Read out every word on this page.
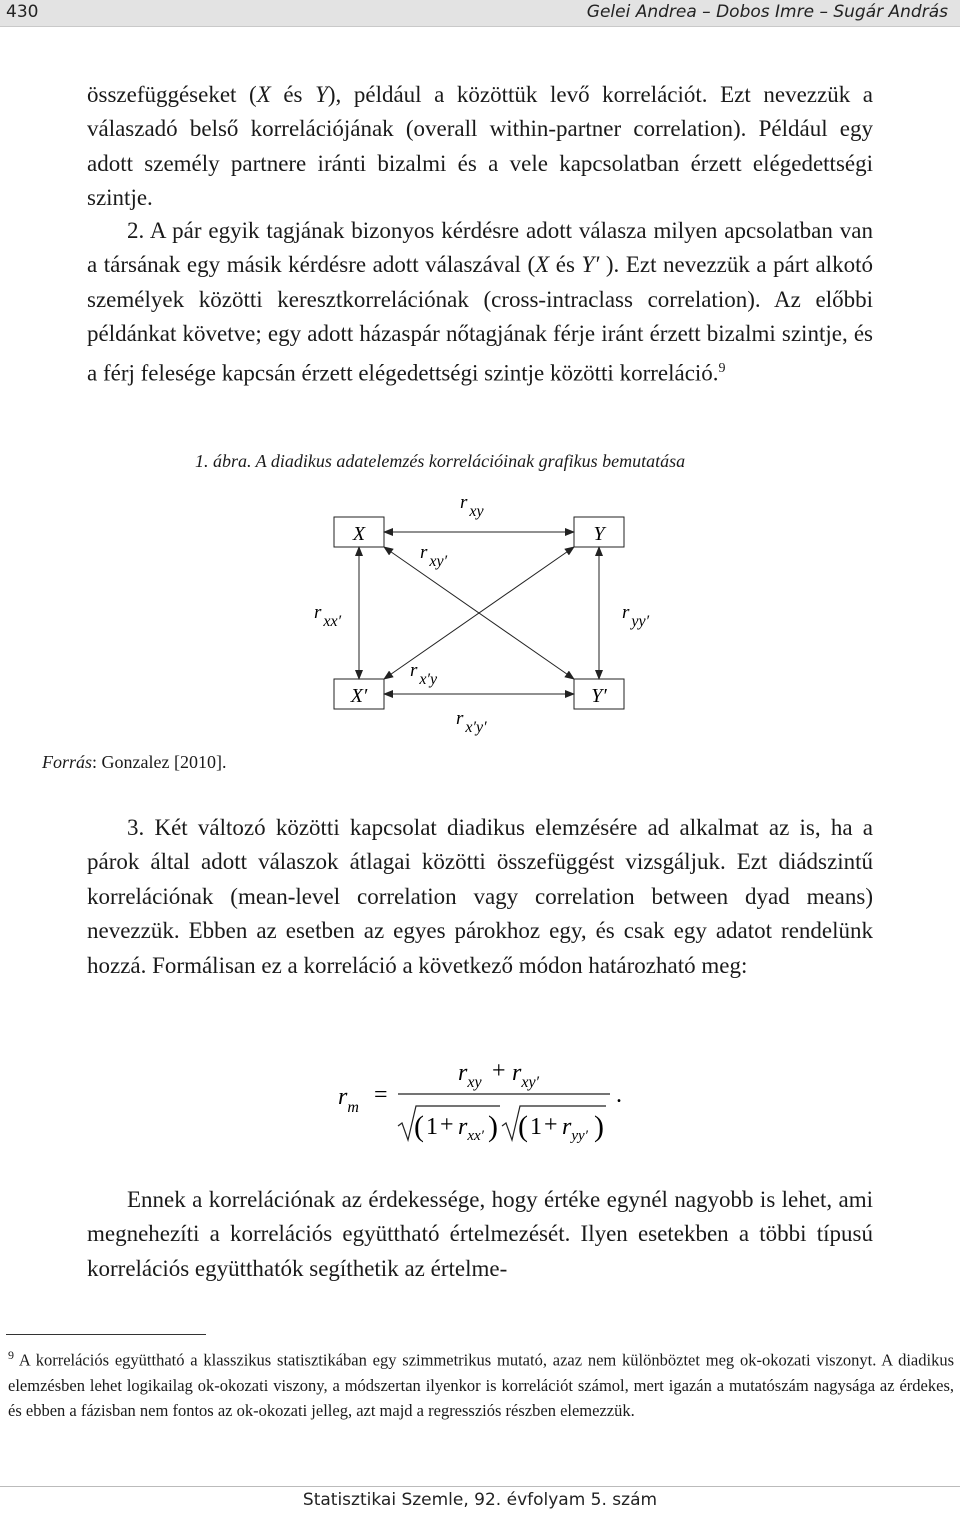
430	Gelei Andrea – Dobos Imre – Sugár András

összefüggéseket (X és Y), például a közöttük levő korrelációt. Ezt nevezzük a válaszadó belső korrelációjának (overall within-partner correlation). Például egy adott személy partnere iránti bizalmi és a vele kapcsolatban érzett elégedettségi szintje.

2. A pár egyik tagjának bizonyos kérdésre adott válasza milyen apcsolatban van a társának egy másik kérdésre adott válaszával (X és Y′ ). Ezt nevezzük a párt alkotó személyek közötti keresztkorrelációnak (cross-intraclass correlation). Az előbbi példánkat követve; egy adott házaspár nőtagjának férje iránt érzett bizalmi szintje, és a férj felesége kapcsán érzett elégedettségi szintje közötti korreláció.$^9$

1. ábra. A diadikus adatelemzés korrelációinak grafikus bemutatása
X	Y
X′	Y′
r $_{xy}$
r $_{xy'}$
r $_{xx'}$	r $_{yy'}$
r $_{x'y}$
r $_{x'y'}$
Forrás: Gonzalez [2010].

3. Két változó közötti kapcsolat diadikus elemzésére ad alkalmat az is, ha a párok által adott válaszok átlagai közötti összefüggést vizsgáljuk. Ezt diádszintű korrelációnak (mean-level correlation vagy correlation between dyad means) nevezzük. Ebben az esetben az egyes párokhoz egy, és csak egy adatot rendelünk hozzá. Formálisan ez a korreláció a következő módon határozható meg:

$r_m$ =
$r_{xy} + r_{xy'}$
( $1 + r_{xx'}$ ) ( $1 + r_{yy'}$ )
.

Ennek a korrelációnak az érdekessége, hogy értéke egynél nagyobb is lehet, ami megnehezíti a korrelációs együttható értelmezését. Ilyen esetekben a többi típusú korrelációs együtthatók segíthetik az értelme-

$^9$ A korrelációs együttható a klasszikus statisztikában egy szimmetrikus mutató, azaz nem különböztet meg ok-okozati viszonyt. A diadikus elemzésben lehet logikailag ok-okozati viszony, a módszertan ilyenkor is korrelációt számol, mert igazán a mutatószám nagysága az érdekes, és ebben a fázisban nem fontos az ok-okozati jelleg, azt majd a regressziós részben elemezzük.

Statisztikai Szemle, 92. évfolyam 5. szám
